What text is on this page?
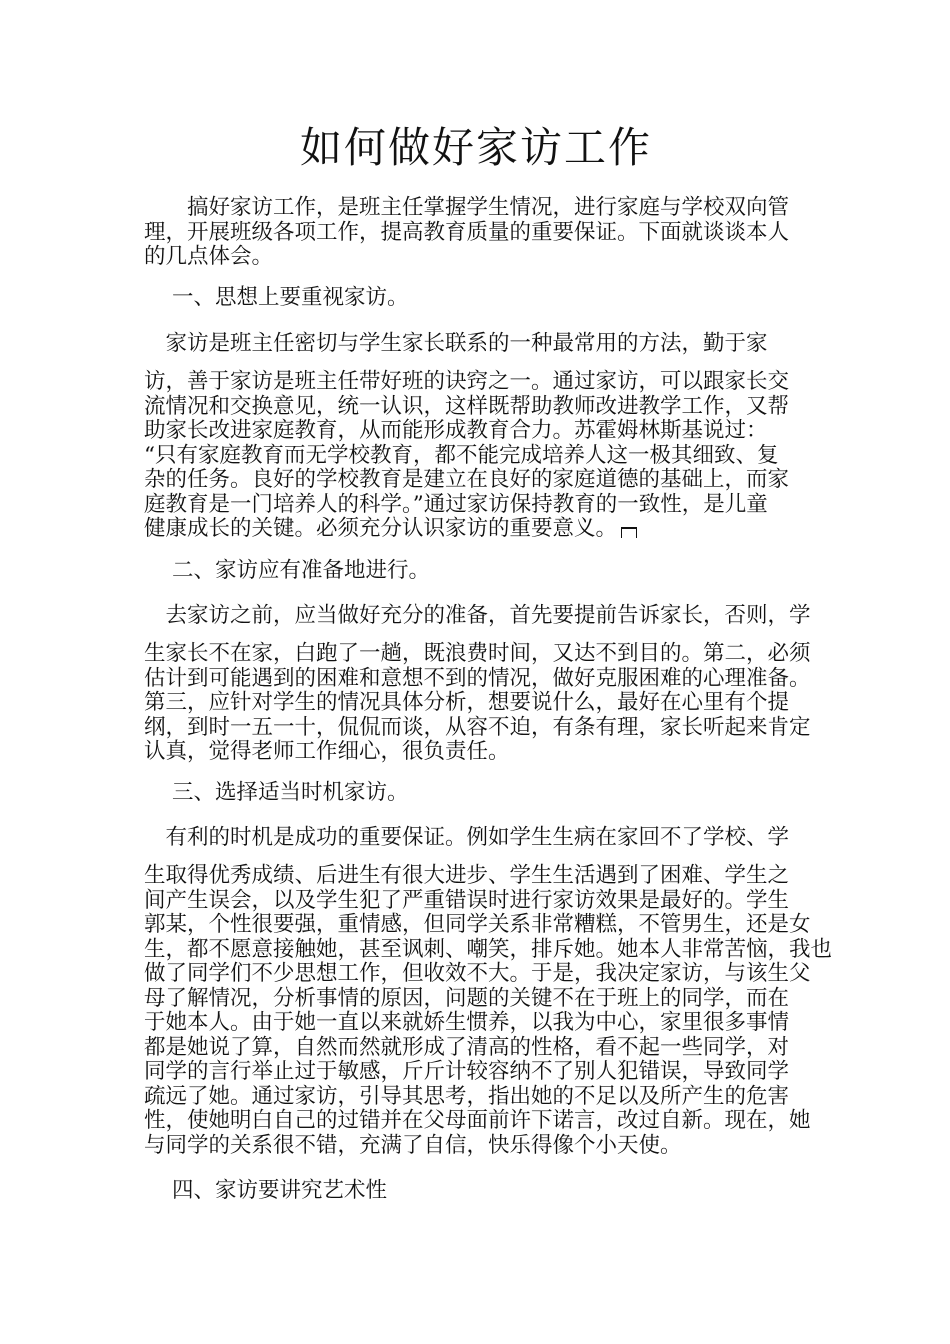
如何做好家访工作

　　搞好家访工作，是班主任掌握学生情况，进行家庭与学校双向管
理，开展班级各项工作，提高教育质量的重要保证。下面就谈谈本人
的几点体会。

一、思想上要重视家访。

　家访是班主任密切与学生家长联系的一种最常用的方法，勤于家

访，善于家访是班主任带好班的诀窍之一。通过家访，可以跟家长交
流情况和交换意见，统一认识，这样既帮助教师改进教学工作，又帮
助家长改进家庭教育，从而能形成教育合力。苏霍姆林斯基说过：
“只有家庭教育而无学校教育，都不能完成培养人这一极其细致、复
杂的任务。良好的学校教育是建立在良好的家庭道德的基础上，而家
庭教育是一门培养人的科学。”通过家访保持教育的一致性，是儿童
健康成长的关键。必须充分认识家访的重要意义。

二、家访应有准备地进行。

　去家访之前，应当做好充分的准备，首先要提前告诉家长，否则，学

生家长不在家，白跑了一趟，既浪费时间，又达不到目的。第二，必须
估计到可能遇到的困难和意想不到的情况，做好克服困难的心理准备。
第三，应针对学生的情况具体分析，想要说什么，最好在心里有个提
纲，到时一五一十，侃侃而谈，从容不迫，有条有理，家长听起来肯定
认真，觉得老师工作细心，很负责任。

三、选择适当时机家访。

　有利的时机是成功的重要保证。例如学生生病在家回不了学校、学

生取得优秀成绩、后进生有很大进步、学生生活遇到了困难、学生之
间产生误会，以及学生犯了严重错误时进行家访效果是最好的。学生
郭某，个性很要强，重情感，但同学关系非常糟糕，不管男生，还是女
生，都不愿意接触她，甚至讽刺、嘲笑，排斥她。她本人非常苦恼，我也
做了同学们不少思想工作，但收效不大。于是，我决定家访，与该生父
母了解情况，分析事情的原因，问题的关键不在于班上的同学，而在
于她本人。由于她一直以来就娇生惯养，以我为中心，家里很多事情
都是她说了算，自然而然就形成了清高的性格，看不起一些同学，对
同学的言行举止过于敏感，斤斤计较容纳不了别人犯错误，导致同学
疏远了她。通过家访，引导其思考，指出她的不足以及所产生的危害
性，使她明白自己的过错并在父母面前许下诺言，改过自新。现在，她
与同学的关系很不错，充满了自信，快乐得像个小天使。

四、家访要讲究艺术性
